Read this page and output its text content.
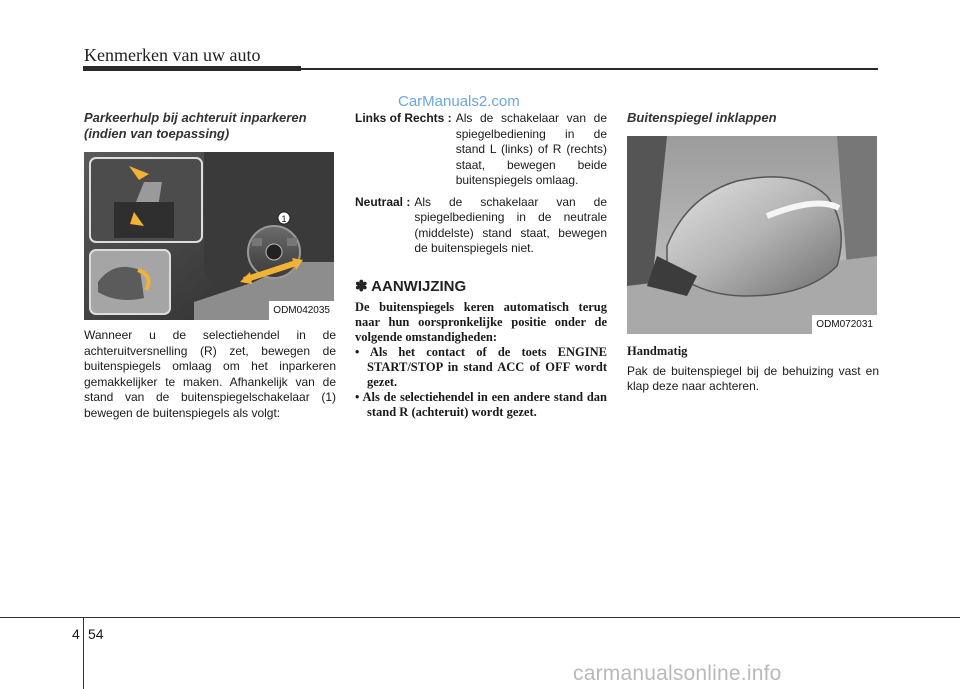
Kenmerken van uw auto
CarManuals2.com
Parkeerhulp bij achteruit inparkeren (indien van toepassing)
1
ODM042035
Wanneer u de selectiehendel in de achteruitversnelling (R) zet, bewegen de buitenspiegels omlaag om het inparkeren gemakkelijker te maken. Afhankelijk van de stand van de buitenspiegelschakelaar (1) bewegen de buitenspiegels als volgt:
Links of Rechts : Als de schakelaar van de spiegelbediening in de stand L (links) of R (rechts) staat, bewegen beide buitenspiegels omlaag.
Neutraal : Als de schakelaar van de spiegelbediening in de neutrale (middelste) stand staat, bewegen de buitenspiegels niet.
✽ AANWIJZING
De buitenspiegels keren automatisch terug naar hun oorspronkelijke positie onder de volgende omstandigheden:
• Als het contact of de toets ENGINE START/STOP in stand ACC of OFF wordt gezet.
• Als de selectiehendel in een andere stand dan stand R (achteruit) wordt gezet.
Buitenspiegel inklappen
ODM072031
Handmatig
Pak de buitenspiegel bij de behuizing vast en klap deze naar achteren.
4 54
carmanualsonline.info
